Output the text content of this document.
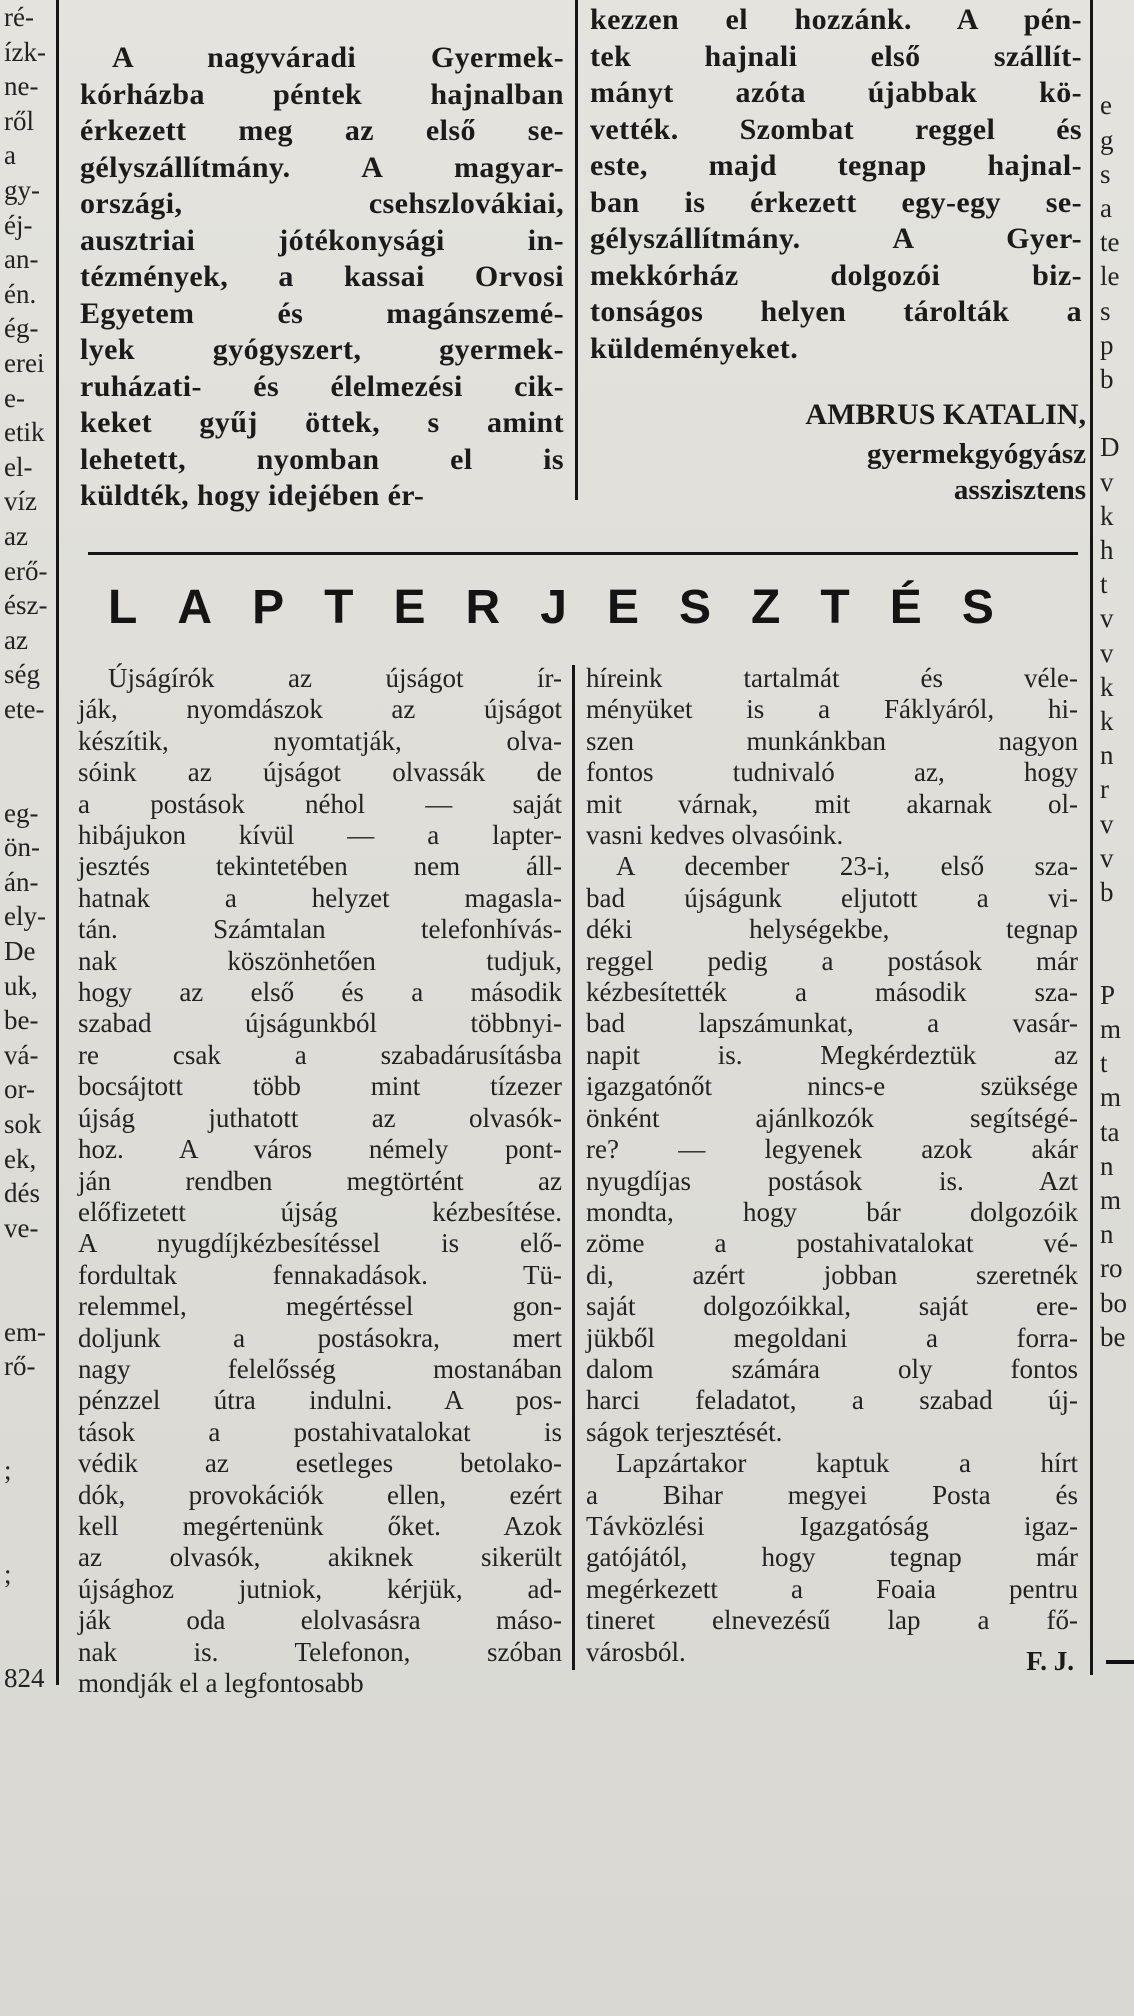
ré-
ízk-
ne-
ről
a
gy-
éj-
an-
én.
ég-
erei
e-
etik
el-
víz
az
erő-
ész-
az
ség
ete-

eg-
ön-
án-
ely-
De
uk,
be-
vá-
or-
sok
ek,
dés
ve-

em-
rő-

;

;

824

e
g
s
a
te
le
s
p
b

D
v
k
h
t
v
v
k
k
n
r
v
v
b

P
m
t
m
ta
n
m
n
ro
bo
be
A nagyváradi Gyermek-
kórházba péntek hajnalban
érkezett meg az első se-
gélyszállítmány. A magyar-
országi, csehszlovákiai,
ausztriai jótékonysági in-
tézmények, a kassai Orvosi
Egyetem és magánszemé-
lyek gyógyszert, gyermek-
ruházati- és élelmezési cik-
keket gyűj öttek, s amint
lehetett, nyomban el is
küldték, hogy idejében ér-
kezzen el hozzánk. A pén-
tek hajnali első szállít-
mányt azóta újabbak kö-
vették. Szombat reggel és
este, majd tegnap hajnal-
ban is érkezett egy-egy se-
gélyszállítmány. A Gyer-
mekkórház dolgozói biz-
tonságos helyen tárolták a
küldeményeket.
AMBRUS KATALIN,
gyermekgyógyász
asszisztens
L A P T E R J E S Z T É S
Újságírók az újságot ír-
ják, nyomdászok az újságot
készítik, nyomtatják, olva-
sóink az újságot olvassák de
a postások néhol — saját
hibájukon kívül — a lapter-
jesztés tekintetében nem áll-
hatnak a helyzet magasla-
tán. Számtalan telefonhívás-
nak köszönhetően tudjuk,
hogy az első és a második
szabad újságunkból többnyi-
re csak a szabadárusításba
bocsájtott több mint tízezer
újság juthatott az olvasók-
hoz. A város némely pont-
ján rendben megtörtént az
előfizetett újság kézbesítése.
A nyugdíjkézbesítéssel is elő-
fordultak fennakadások. Tü-
relemmel, megértéssel gon-
doljunk a postásokra, mert
nagy felelősség mostanában
pénzzel útra indulni. A pos-
tások a postahivatalokat is
védik az esetleges betolako-
dók, provokációk ellen, ezért
kell megértenünk őket. Azok
az olvasók, akiknek sikerült
újsághoz jutniok, kérjük, ad-
ják oda elolvasásra máso-
nak is. Telefonon, szóban
mondják el a legfontosabb
híreink tartalmát és véle-
ményüket is a Fáklyáról, hi-
szen munkánkban nagyon
fontos tudnivaló az, hogy
mit várnak, mit akarnak ol-
vasni kedves olvasóink.
A december 23-i, első sza-
bad újságunk eljutott a vi-
déki helységekbe, tegnap
reggel pedig a postások már
kézbesítették a második sza-
bad lapszámunkat, a vasár-
napit is. Megkérdeztük az
igazgatónőt nincs-e szüksége
önként ajánlkozók segítségé-
re? — legyenek azok akár
nyugdíjas postások is. Azt
mondta, hogy bár dolgozóik
zöme a postahivatalokat vé-
di, azért jobban szeretnék
saját dolgozóikkal, saját ere-
jükből megoldani a forra-
dalom számára oly fontos
harci feladatot, a szabad új-
ságok terjesztését.
Lapzártakor kaptuk a hírt
a Bihar megyei Posta és
Távközlési Igazgatóság igaz-
gatójától, hogy tegnap már
megérkezett a Foaia pentru
tineret elnevezésű lap a fő-
városból.	F. J.
